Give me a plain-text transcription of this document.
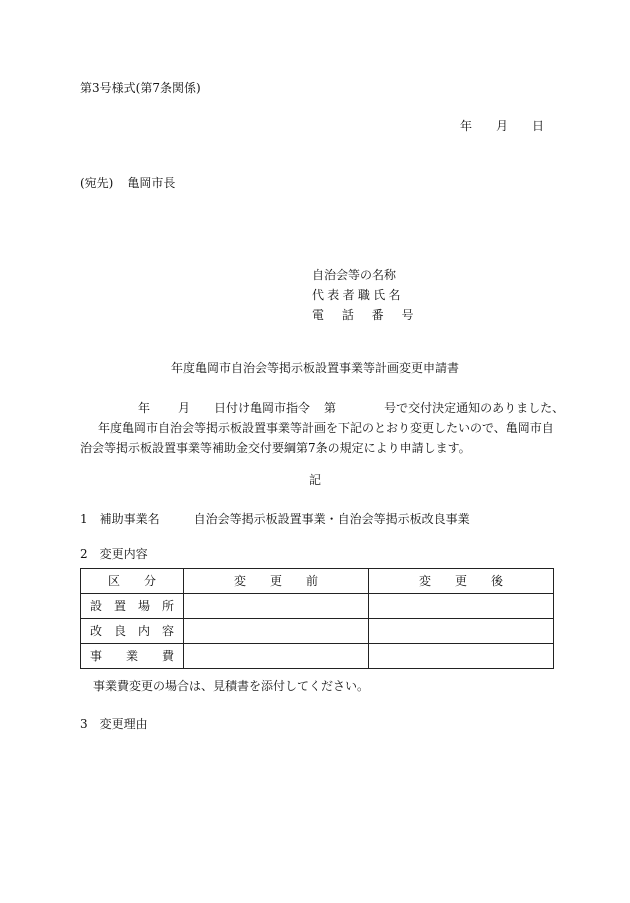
第3号様式(第7条関係)
年 月 日
(宛先) 亀岡市長
自治会等の名称
代表者職氏名
電 話 番 号
年度亀岡市自治会等掲示板設置事業等計画変更申請書

年 月 日付け亀岡市指令 第	号で交付決定通知のありました、

年度亀岡市自治会等掲示板設置事業等計画を下記のとおり変更したいので、亀岡市自

治会等掲示板設置事業等補助金交付要綱第7条の規定により申請します。

記
1　補助事業名	自治会等掲示板設置事業・自治会等掲示板改良事業
2　変更内容
区　　分	変　　更　　前	変　　更　　後
設置場所		
改良内容		
事業費		
事業費変更の場合は、見積書を添付してください。
3　変更理由
